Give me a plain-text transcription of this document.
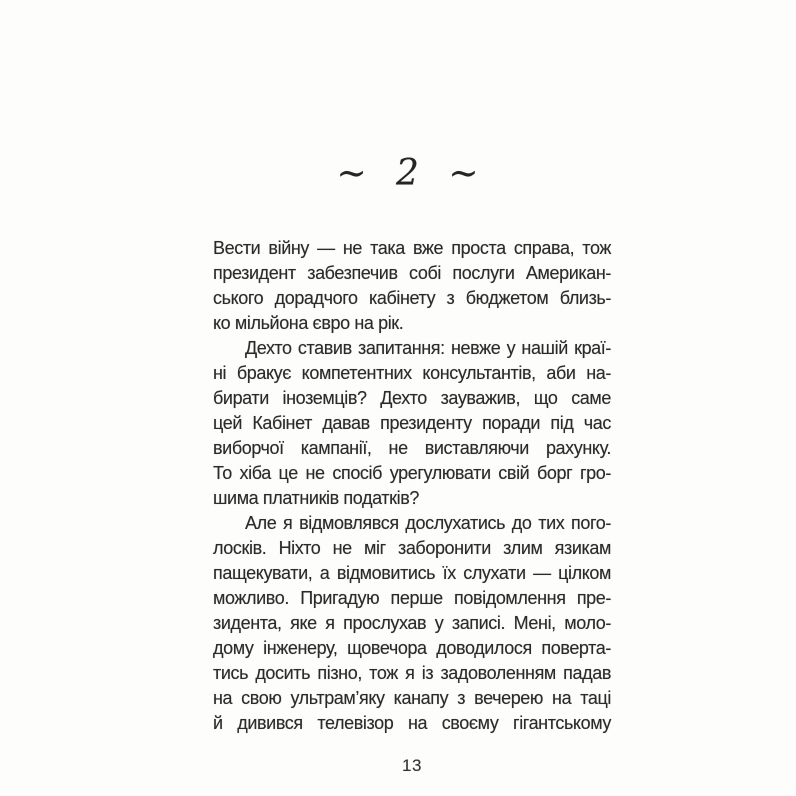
~ 2 ~
Вести війну — не така вже проста справа, тож
президент забезпечив собі послуги Американ-
ського дорадчого кабінету з бюджетом близь-
ко мільйона євро на рік.
Дехто ставив запитання: невже у нашій краї-
ні бракує компетентних консультантів, аби на-
бирати іноземців? Дехто зауважив, що саме
цей Кабінет давав президенту поради під час
виборчої кампанії, не виставляючи рахунку.
То хіба це не спосіб урегулювати свій борг гро-
шима платників податків?
Але я відмовлявся дослухатись до тих пого-
лосків. Ніхто не міг заборонити злим язикам
пащекувати, а відмовитись їх слухати — цілком
можливо. Пригадую перше повідомлення пре-
зидента, яке я прослухав у записі. Мені, моло-
дому інженеру, щовечора доводилося поверта-
тись досить пізно, тож я із задоволенням падав
на свою ультрам’яку канапу з вечерею на таці
й дивився телевізор на своєму гігантському
13
